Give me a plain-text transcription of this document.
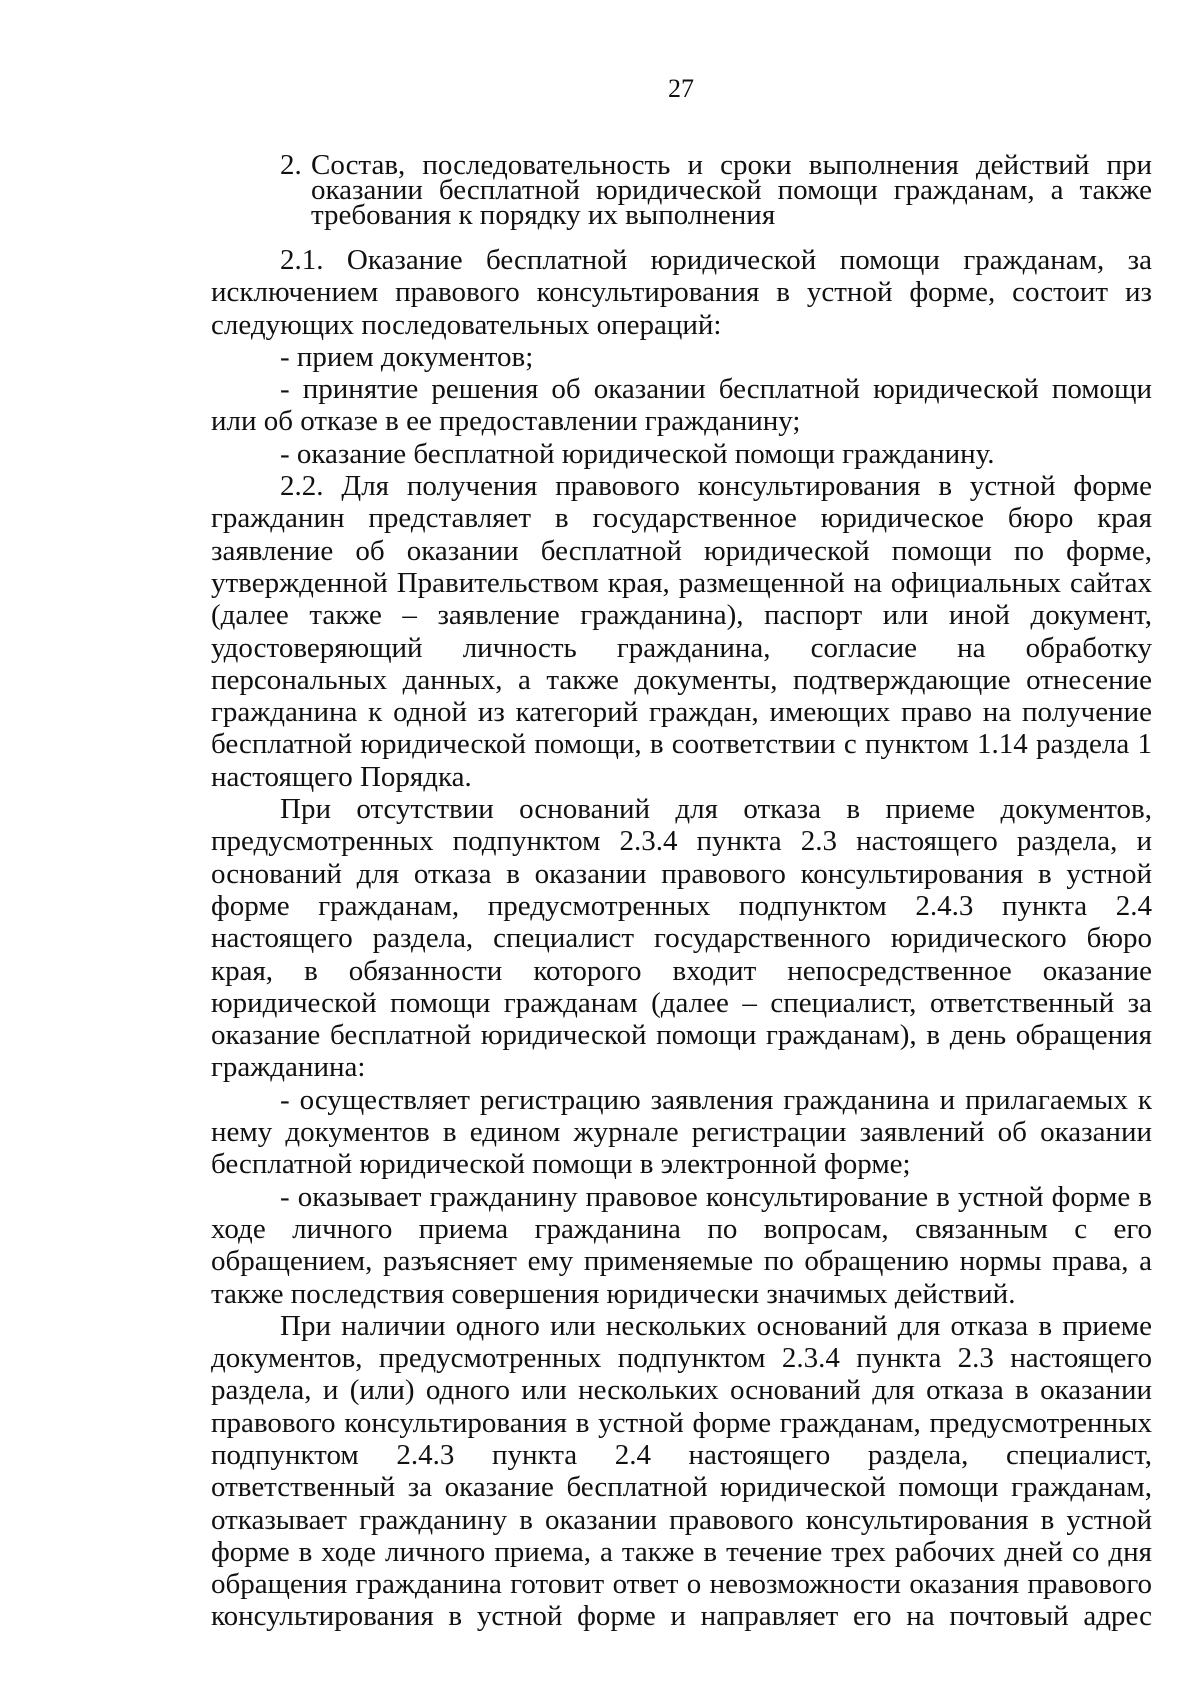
27
2. Состав, последовательность и сроки выполнения действий при
оказании бесплатной юридической помощи гражданам, а также
требования к порядку их выполнения

2.1. Оказание бесплатной юридической помощи гражданам, за исключением правового консультирования в устной форме, состоит из следующих последовательных операций:

- прием документов;

- принятие решения об оказании бесплатной юридической помощи или об отказе в ее предоставлении гражданину;

- оказание бесплатной юридической помощи гражданину.

2.2. Для получения правового консультирования в устной форме гражданин представляет в государственное юридическое бюро края заявление об оказании бесплатной юридической помощи по форме, утвержденной Правительством края, размещенной на официальных сайтах (далее также – заявление гражданина), паспорт или иной документ, удостоверяющий личность гражданина, согласие на обработку персональных данных, а также документы, подтверждающие отнесение гражданина к одной из категорий граждан, имеющих право на получение бесплатной юридической помощи, в соответствии с пунктом 1.14 раздела 1 настоящего Порядка.

При отсутствии оснований для отказа в приеме документов, предусмотренных подпунктом 2.3.4 пункта 2.3 настоящего раздела, и оснований для отказа в оказании правового консультирования в устной форме гражданам, предусмотренных подпунктом 2.4.3 пункта 2.4 настоящего раздела, специалист государственного юридического бюро края, в обязанности которого входит непосредственное оказание юридической помощи гражданам (далее – специалист, ответственный за оказание бесплатной юридической помощи гражданам), в день обращения гражданина:

- осуществляет регистрацию заявления гражданина и прилагаемых к нему документов в едином журнале регистрации заявлений об оказании бесплатной юридической помощи в электронной форме;

- оказывает гражданину правовое консультирование в устной форме в ходе личного приема гражданина по вопросам, связанным с его обращением, разъясняет ему применяемые по обращению нормы права, а также последствия совершения юридически значимых действий.

При наличии одного или нескольких оснований для отказа в приеме документов, предусмотренных подпунктом 2.3.4 пункта 2.3 настоящего раздела, и (или) одного или нескольких оснований для отказа в оказании правового консультирования в устной форме гражданам, предусмотренных подпунктом 2.4.3 пункта 2.4 настоящего раздела, специалист, ответственный за оказание бесплатной юридической помощи гражданам, отказывает гражданину в оказании правового консультирования в устной форме в ходе личного приема, а также в течение трех рабочих дней со дня обращения гражданина готовит ответ о невозможности оказания правового консультирования в устной форме и направляет его на почтовый адрес
